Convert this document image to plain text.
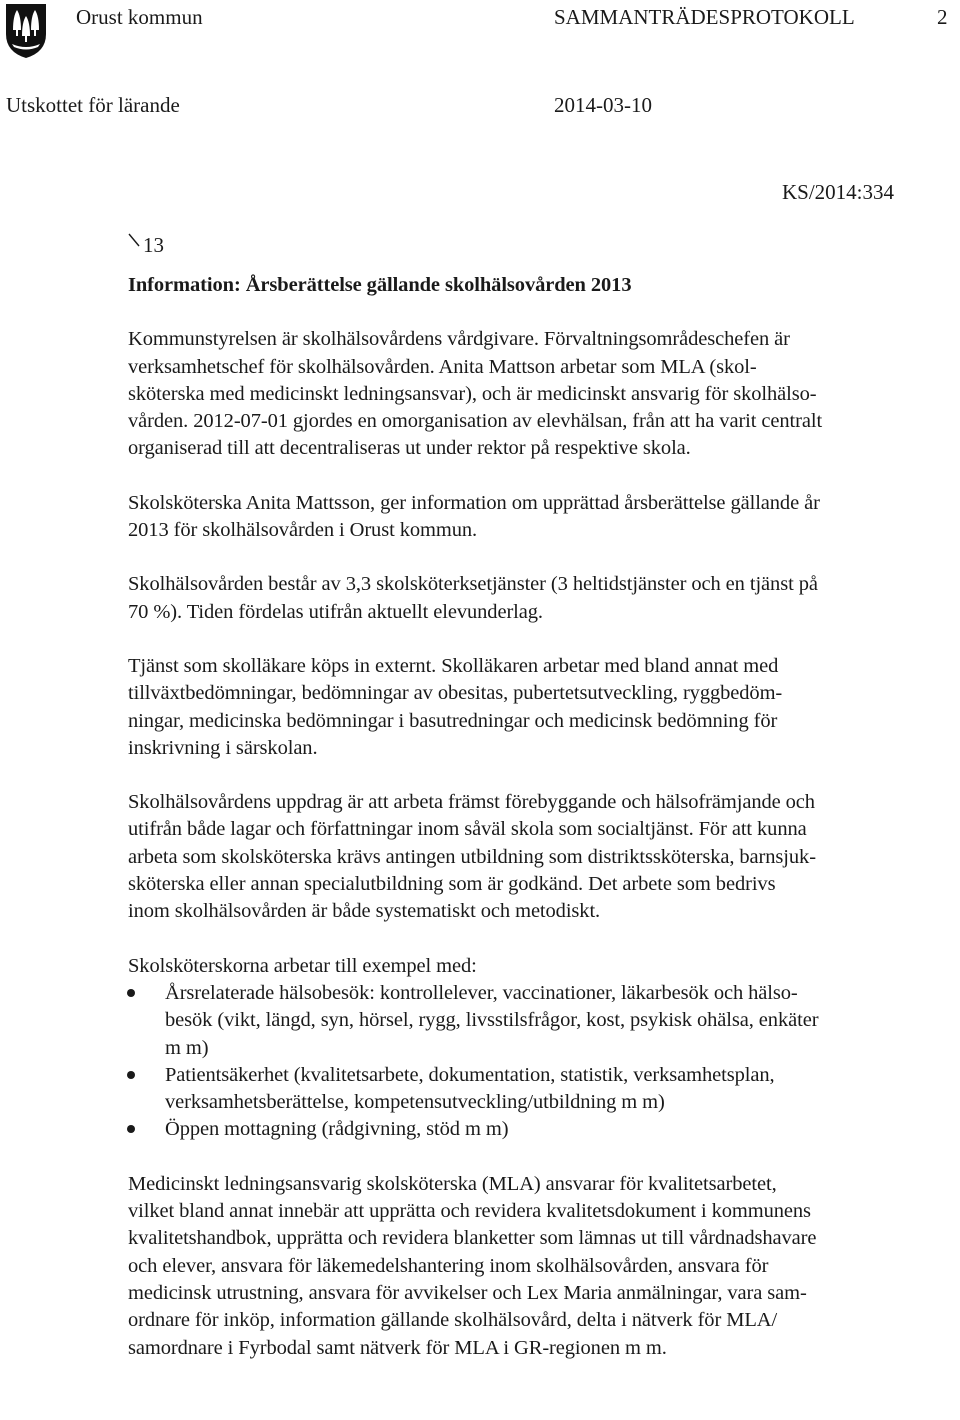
Orust kommun	SAMMANTRÄDESPROTOKOLL	2
Utskottet för lärande	2014-03-10
KS/2014:334
13

Information: Årsberättelse gällande skolhälsovården 2013

Kommunstyrelsen är skolhälsovårdens vårdgivare. Förvaltningsområdeschefen är
verksamhetschef för skolhälsovården. Anita Mattson arbetar som MLA (skol-
sköterska med medicinskt ledningsansvar), och är medicinskt ansvarig för skolhälso-
vården. 2012-07-01 gjordes en omorganisation av elevhälsan, från att ha varit centralt
organiserad till att decentraliseras ut under rektor på respektive skola.

Skolsköterska Anita Mattsson, ger information om upprättad årsberättelse gällande år
2013 för skolhälsovården i Orust kommun.

Skolhälsovården består av 3,3 skolsköterksetjänster (3 heltidstjänster och en tjänst på
70 %). Tiden fördelas utifrån aktuellt elevunderlag.

Tjänst som skolläkare köps in externt. Skolläkaren arbetar med bland annat med
tillväxtbedömningar, bedömningar av obesitas, pubertetsutveckling, ryggbedöm-
ningar, medicinska bedömningar i basutredningar och medicinsk bedömning för
inskrivning i särskolan.

Skolhälsovårdens uppdrag är att arbeta främst förebyggande och hälsofrämjande och
utifrån både lagar och författningar inom såväl skola som socialtjänst. För att kunna
arbeta som skolsköterska krävs antingen utbildning som distriktssköterska, barnsjuk-
sköterska eller annan specialutbildning som är godkänd. Det arbete som bedrivs
inom skolhälsovården är både systematiskt och metodiskt.

Skolsköterskorna arbetar till exempel med:

Årsrelaterade hälsobesök: kontrollelever, vaccinationer, läkarbesök och hälso-
besök (vikt, längd, syn, hörsel, rygg, livsstilsfrågor, kost, psykisk ohälsa, enkäter
m m)
Patientsäkerhet (kvalitetsarbete, dokumentation, statistik, verksamhetsplan,
verksamhetsberättelse, kompetensutveckling/utbildning m m)
Öppen mottagning (rådgivning, stöd m m)

Medicinskt ledningsansvarig skolsköterska (MLA) ansvarar för kvalitetsarbetet,
vilket bland annat innebär att upprätta och revidera kvalitetsdokument i kommunens
kvalitetshandbok, upprätta och revidera blanketter som lämnas ut till vårdnadshavare
och elever, ansvara för läkemedelshantering inom skolhälsovården, ansvara för
medicinsk utrustning, ansvara för avvikelser och Lex Maria anmälningar, vara sam-
ordnare för inköp, information gällande skolhälsovård, delta i nätverk för MLA/
samordnare i Fyrbodal samt nätverk för MLA i GR-regionen m m.
